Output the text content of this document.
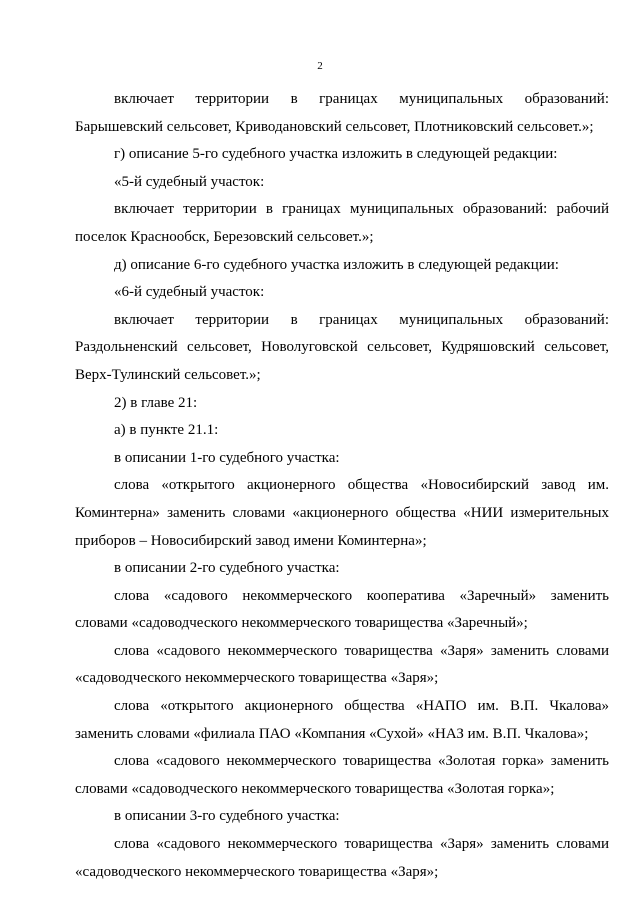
2

включает территории в границах муниципальных образований: Барышевский сельсовет, Криводановский сельсовет, Плотниковский сельсовет.»;

г) описание 5-го судебного участка изложить в следующей редакции:

«5-й судебный участок:

включает территории в границах муниципальных образований: рабочий поселок Краснообск, Березовский сельсовет.»;

д) описание 6-го судебного участка изложить в следующей редакции:

«6-й судебный участок:

включает территории в границах муниципальных образований: Раздольненский сельсовет, Новолуговской сельсовет, Кудряшовский сельсовет, Верх-Тулинский сельсовет.»;

2) в главе 21:

а) в пункте 21.1:

в описании 1-го судебного участка:

слова «открытого акционерного общества «Новосибирский завод им. Коминтерна» заменить словами «акционерного общества «НИИ измерительных приборов – Новосибирский завод имени Коминтерна»;

в описании 2-го судебного участка:

слова «садового некоммерческого кооператива «Заречный» заменить словами «садоводческого некоммерческого товарищества «Заречный»;

слова «садового некоммерческого товарищества «Заря» заменить словами «садоводческого некоммерческого товарищества «Заря»;

слова «открытого акционерного общества «НАПО им. В.П. Чкалова» заменить словами «филиала ПАО «Компания «Сухой» «НАЗ им. В.П. Чкалова»;

слова «садового некоммерческого товарищества «Золотая горка» заменить словами «садоводческого некоммерческого товарищества «Золотая горка»;

в описании 3-го судебного участка:

слова «садового некоммерческого товарищества «Заря» заменить словами «садоводческого некоммерческого товарищества «Заря»;
